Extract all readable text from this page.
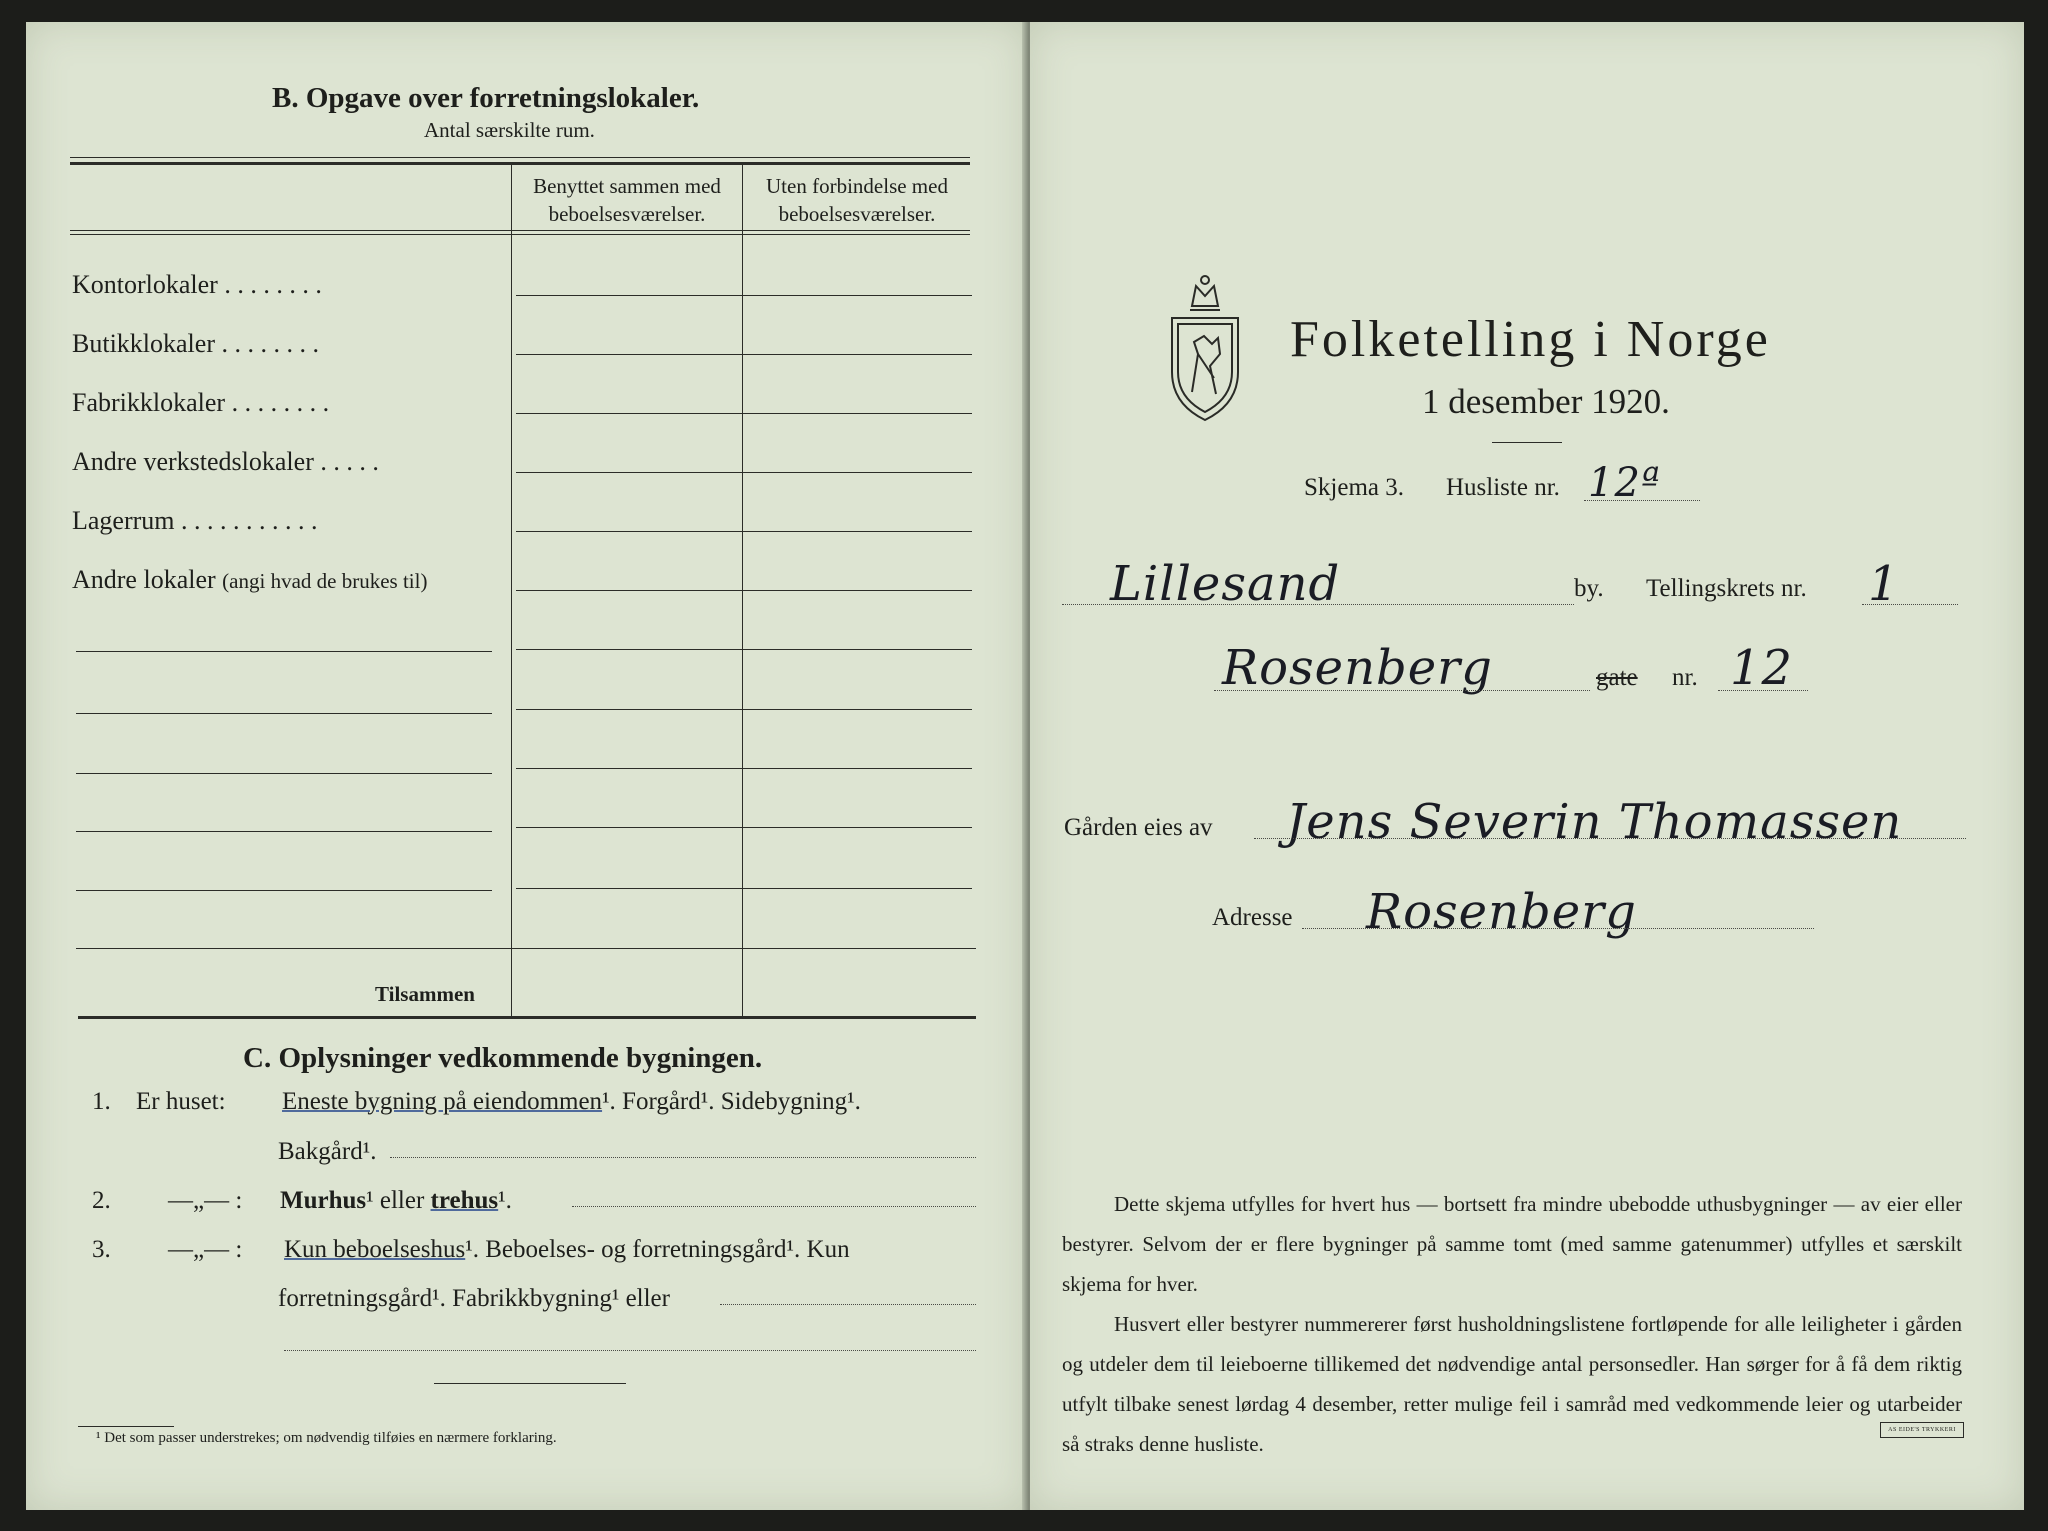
B. Opgave over forretningslokaler.
Antal særskilte rum.
Benyttet sammen med
beboelsesværelser.
Uten forbindelse med
beboelsesværelser.
Kontorlokaler . . . . . . . .
Butikklokaler . . . . . . . .
Fabrikklokaler . . . . . . . .
Andre verkstedslokaler . . . . .
Lagerrum . . . . . . . . . . .
Andre lokaler (angi hvad de brukes til)
Tilsammen
C. Oplysninger vedkommende bygningen.
1. Er huset: Eneste bygning på eiendommen¹. Forgård¹. Sidebygning¹.
Bakgård¹.
2. —„— : Murhus¹ eller trehus¹.
3. —„— : Kun beboelseshus¹. Beboelses- og forretningsgård¹. Kun
forretningsgård¹. Fabrikkbygning¹ eller
¹ Det som passer understrekes; om nødvendig tilføies en nærmere forklaring.
Folketelling i Norge
1 desember 1920.
Skjema 3. Husliste nr. 12ª
Lillesand	by. Tellingskrets nr. 1
Rosenberg	gate nr. 12
Gården eies av Jens Severin Thomassen
Adresse Rosenberg
Dette skjema utfylles for hvert hus — bortsett fra mindre ubebodde uthusbygninger — av eier eller bestyrer. Selvom der er flere bygninger på samme tomt (med samme gatenummer) utfylles et særskilt skjema for hver.
Husvert eller bestyrer nummererer først husholdningslistene fortløpende for alle leiligheter i gården og utdeler dem til leieboerne tillikemed det nødvendige antal personsedler. Han sørger for å få dem riktig utfylt tilbake senest lørdag 4 desember, retter mulige feil i samråd med vedkommende leier og utarbeider så straks denne husliste.
AS EIDE'S TRYKKERI
